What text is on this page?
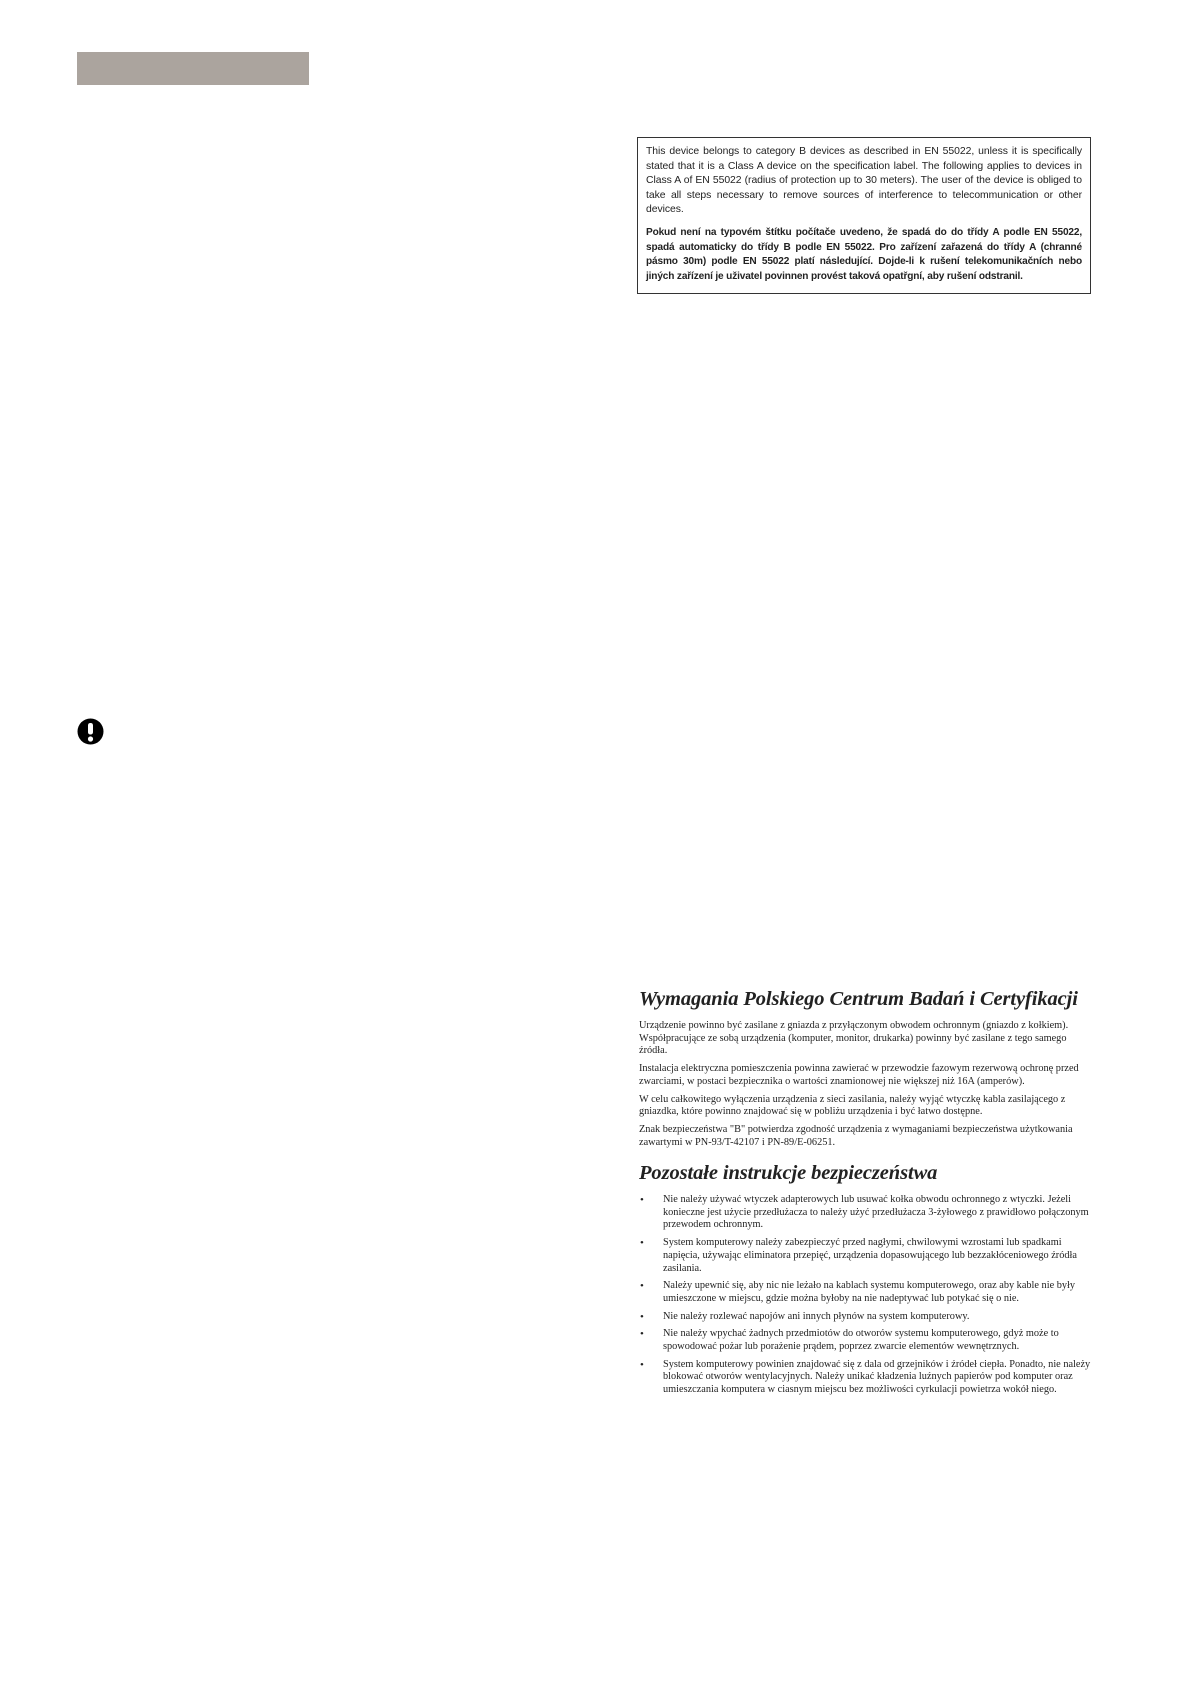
This device belongs to category B devices as described in EN 55022, unless it is specifically stated that it is a Class A device on the specification label. The following applies to devices in Class A of EN 55022 (radius of protection up to 30 meters). The user of the device is obliged to take all steps necessary to remove sources of interference to telecommunication or other devices.

Pokud není na typovém štítku počítače uvedeno, že spadá do do třídy A podle EN 55022, spadá automaticky do třídy B podle EN 55022. Pro zařízení zařazená do třídy A (chranné pásmo 30m) podle EN 55022 platí následující. Dojde-li k rušení telekomunikačních nebo jiných zařízení je uživatel povinnen provést taková opatřgní, aby rušení odstranil.

Wymagania Polskiego Centrum Badań i Certyfikacji

Urządzenie powinno być zasilane z gniazda z przyłączonym obwodem ochronnym (gniazdo z kołkiem). Współpracujące ze sobą urządzenia (komputer, monitor, drukarka) powinny być zasilane z tego samego źródła.

Instalacja elektryczna pomieszczenia powinna zawierać w przewodzie fazowym rezerwową ochronę przed zwarciami, w postaci bezpiecznika o wartości znamionowej nie większej niż 16A (amperów).

W celu całkowitego wyłączenia urządzenia z sieci zasilania, należy wyjąć wtyczkę kabla zasilającego z gniazdka, które powinno znajdować się w pobliżu urządzenia i być łatwo dostępne.

Znak bezpieczeństwa "B" potwierdza zgodność urządzenia z wymaganiami bezpieczeństwa użytkowania zawartymi w PN-93/T-42107 i PN-89/E-06251.

Pozostałe instrukcje bezpieczeństwa
• Nie należy używać wtyczek adapterowych lub usuwać kołka obwodu ochronnego z wtyczki. Jeżeli konieczne jest użycie przedłużacza to należy użyć przedłużacza 3-żyłowego z prawidłowo połączonym przewodem ochronnym.
• System komputerowy należy zabezpieczyć przed nagłymi, chwilowymi wzrostami lub spadkami napięcia, używając eliminatora przepięć, urządzenia dopasowującego lub bezzakłóceniowego źródła zasilania.
• Należy upewnić się, aby nic nie leżało na kablach systemu komputerowego, oraz aby kable nie były umieszczone w miejscu, gdzie można byłoby na nie nadeptywać lub potykać się o nie.
• Nie należy rozlewać napojów ani innych płynów na system komputerowy.
• Nie należy wpychać żadnych przedmiotów do otworów systemu komputerowego, gdyż może to spowodować pożar lub porażenie prądem, poprzez zwarcie elementów wewnętrznych.
• System komputerowy powinien znajdować się z dala od grzejników i źródeł ciepła. Ponadto, nie należy blokować otworów wentylacyjnych. Należy unikać kładzenia luźnych papierów pod komputer oraz umieszczania komputera w ciasnym miejscu bez możliwości cyrkulacji powietrza wokół niego.
